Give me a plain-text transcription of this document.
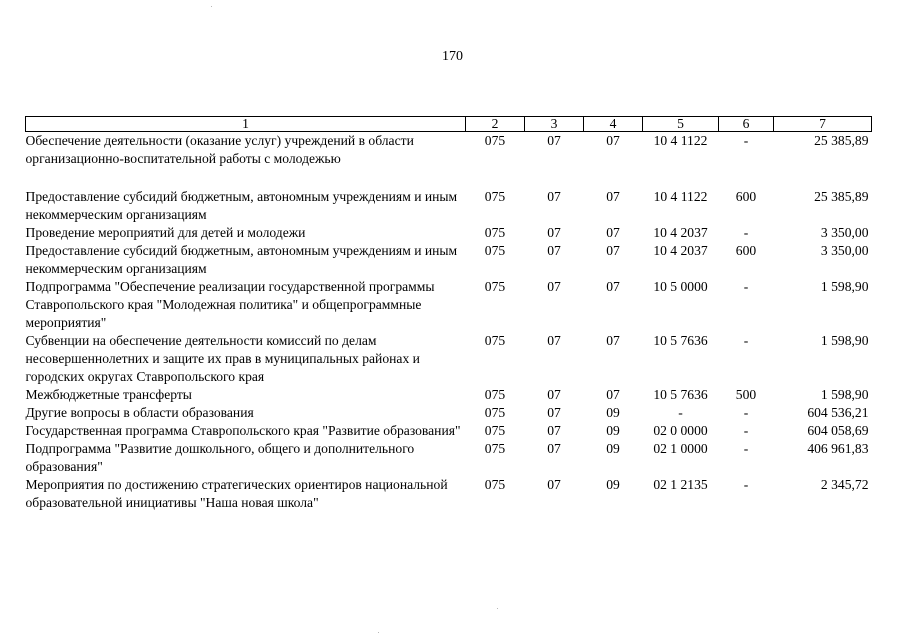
170
1	2	3	4	5	6	7
Обеспечение деятельности (оказание услуг) учреждений в области организационно-воспитательной работы с молодежью	075	07	07	10 4 1122	-	25 385,89
Предоставление субсидий бюджетным, автономным учреждениям и иным некоммерческим организациям	075	07	07	10 4 1122	600	25 385,89
Проведение мероприятий для детей и молодежи	075	07	07	10 4 2037	-	3 350,00
Предоставление субсидий бюджетным, автономным учреждениям и иным некоммерческим организациям	075	07	07	10 4 2037	600	3 350,00
Подпрограмма "Обеспечение реализации государственной программы Ставропольского края "Молодежная политика" и общепрограммные мероприятия"	075	07	07	10 5 0000	-	1 598,90
Субвенции на обеспечение деятельности комиссий по делам несовершеннолетних и защите их прав в муниципальных районах и городских округах Ставропольского края	075	07	07	10 5 7636	-	1 598,90
Межбюджетные трансферты	075	07	07	10 5 7636	500	1 598,90
Другие вопросы в области образования	075	07	09	-	-	604 536,21
Государственная программа Ставропольского края "Развитие образования"	075	07	09	02 0 0000	-	604 058,69
Подпрограмма "Развитие дошкольного, общего и дополнительного образования"	075	07	09	02 1 0000	-	406 961,83
Мероприятия по достижению стратегических ориентиров национальной образовательной инициативы "Наша новая школа"	075	07	09	02 1 2135	-	2 345,72
